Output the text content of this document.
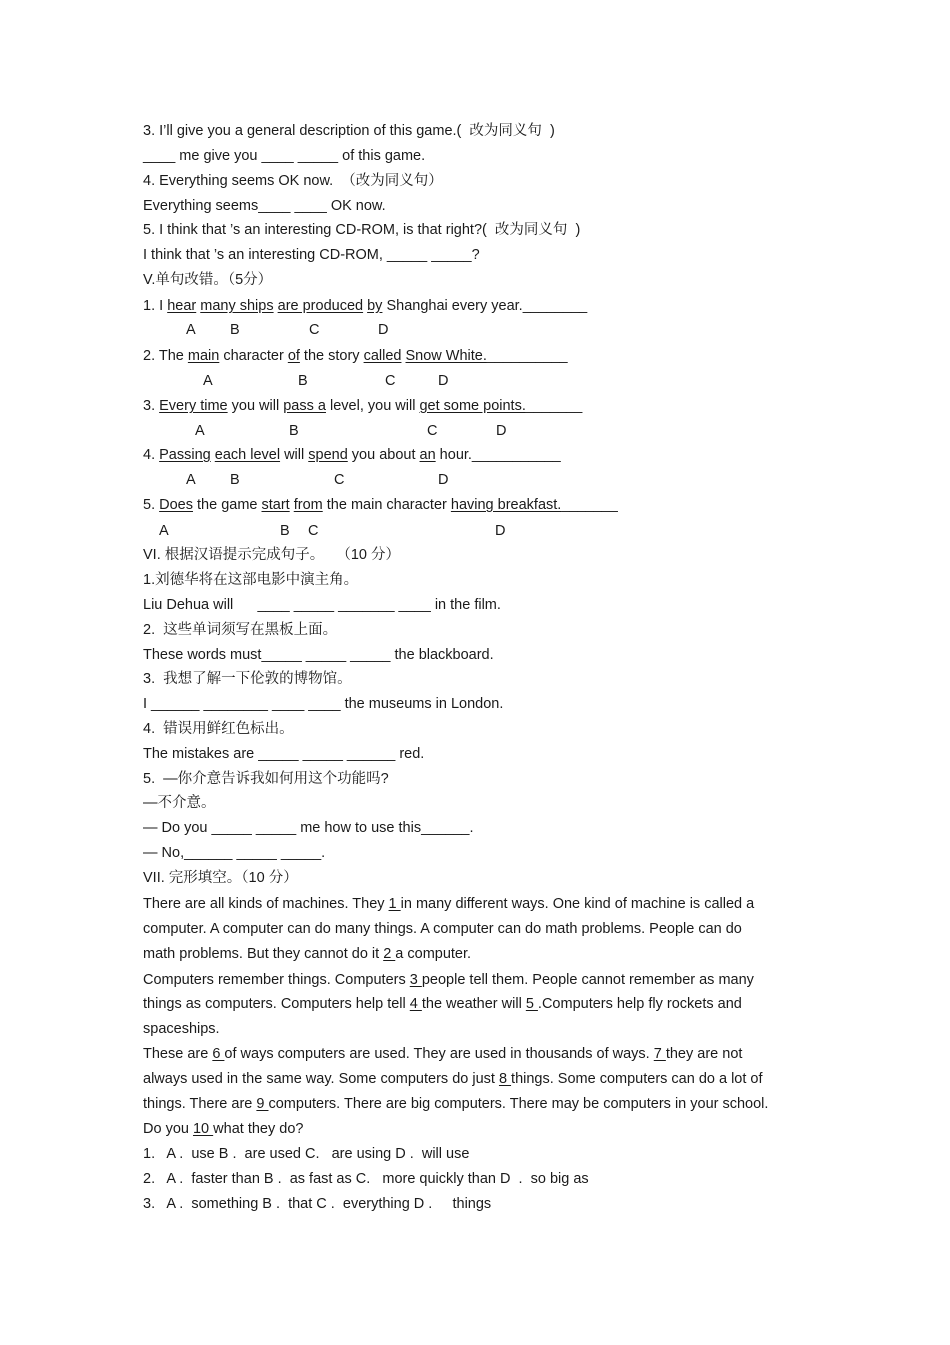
3. I’ll give you a general description of this game.(  改为同义句  )
____ me give you ____ _____ of this game.
4. Everything seems OK now.  （改为同义句）
Everything seems____ ____ OK now.
5. I think that ’s an interesting CD-ROM, is that right?(  改为同义句  )
I think that ’s an interesting CD-ROM, _____ _____?
V.单句改错。（5分）
1. I hear many ships are produced by Shanghai every year.________
A B	C	D
2. The main character of the story called Snow White.__________
A	B	C	D
3. Every time you will pass a level, you will get some points._______
A	B	C	D
4. Passing each level will spend you about an hour.___________
A B	C	D
5. Does the game start from the main character having breakfast._______
A	B C	D
VI. 根据汉语提示完成句子。   （10 分）
1.刘德华将在这部电影中演主角。
Liu Dehua will      ____ _____ _______ ____ in the film.
2.  这些单词须写在黑板上面。
These words must_____ _____ _____ the blackboard.
3.  我想了解一下伦敦的博物馆。
I ______ ________ ____ ____ the museums in London.
4.  错误用鲜红色标出。
The mistakes are _____ _____ ______ red.
5.  —你介意告诉我如何用这个功能吗?
—不介意。
— Do you _____ _____ me how to use this______.
— No,______ _____ _____.
VII. 完形填空。（10 分）
There are all kinds of machines. They 1 in many different ways. One kind of machine is called a
computer. A computer can do many things. A computer can do math problems. People can do
math problems. But they cannot do it 2 a computer.
Computers remember things. Computers 3 people tell them. People cannot remember as many
things as computers. Computers help tell 4 the weather will 5 .Computers help fly rockets and
spaceships.
These are 6 of ways computers are used. They are used in thousands of ways. 7 they are not
always used in the same way. Some computers do just 8 things. Some computers can do a lot of
things. There are 9 computers. There are big computers. There may be computers in your school.
Do you 10 what they do?
1.   A .  use B .  are used C.   are using D .  will use
2.   A .  faster than B .  as fast as C.   more quickly than D  .  so big as
3.   A .  something B .  that C .  everything D .     things
